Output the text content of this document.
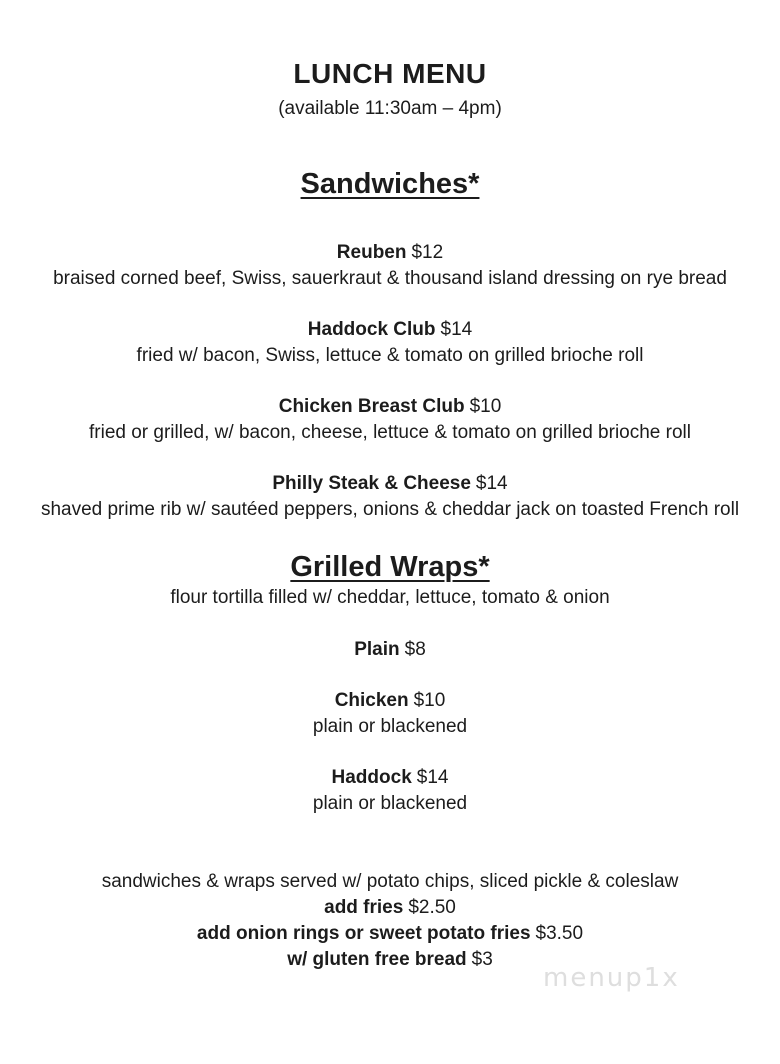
LUNCH MENU
(available 11:30am – 4pm)
Sandwiches*
Reuben $12
braised corned beef, Swiss, sauerkraut & thousand island dressing on rye bread
Haddock Club $14
fried w/ bacon, Swiss, lettuce & tomato on grilled brioche roll
Chicken Breast Club $10
fried or grilled, w/ bacon, cheese, lettuce & tomato on grilled brioche roll
Philly Steak & Cheese $14
shaved prime rib w/ sautéed peppers, onions & cheddar jack on toasted French roll
Grilled Wraps*
flour tortilla filled w/ cheddar, lettuce, tomato & onion
Plain $8
Chicken $10
plain or blackened
Haddock $14
plain or blackened
sandwiches & wraps served w/ potato chips, sliced pickle & coleslaw
add fries $2.50
add onion rings or sweet potato fries $3.50
w/ gluten free bread $3
menup1x
